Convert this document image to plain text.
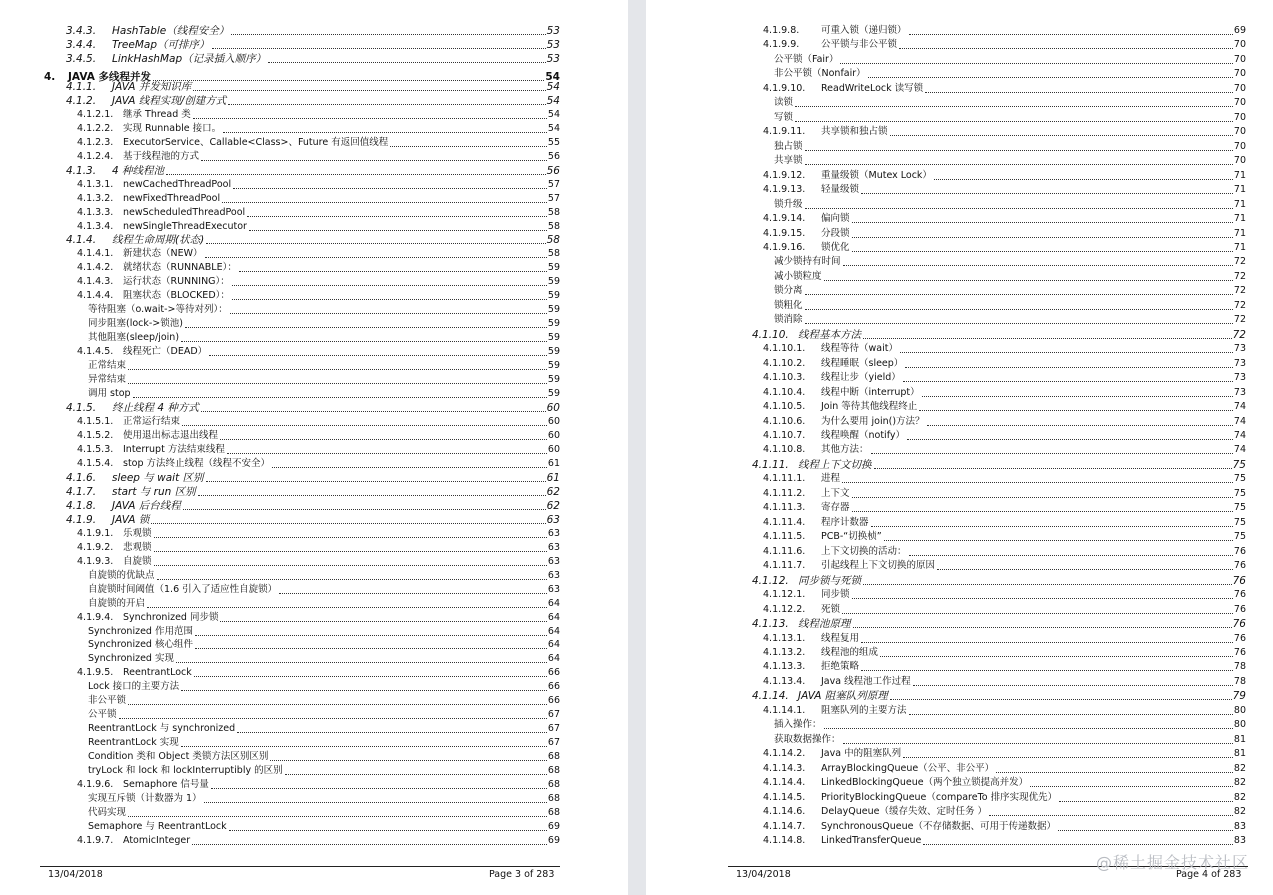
3.4.3.	HashTable（线程安全）	53
3.4.4.	TreeMap（可排序）	53
3.4.5.	LinkHashMap（记录插入顺序）	53
4.	JAVA 多线程并发	54
4.1.1.	JAVA 并发知识库	54
4.1.2.	JAVA 线程实现/创建方式	54
4.1.2.1.	继承 Thread 类	54
4.1.2.2.	实现 Runnable 接口。	54
4.1.2.3.	ExecutorService、Callable<Class>、Future 有返回值线程	55
4.1.2.4.	基于线程池的方式	56
4.1.3.	4 种线程池	56
4.1.3.1.	newCachedThreadPool	57
4.1.3.2.	newFixedThreadPool	57
4.1.3.3.	newScheduledThreadPool	58
4.1.3.4.	newSingleThreadExecutor	58
4.1.4.	线程生命周期(状态)	58
4.1.4.1.	新建状态（NEW）	58
4.1.4.2.	就绪状态（RUNNABLE）：	59
4.1.4.3.	运行状态（RUNNING）：	59
4.1.4.4.	阻塞状态（BLOCKED）：	59
等待阻塞（o.wait->等待对列）：	59
同步阻塞(lock->锁池)	59
其他阻塞(sleep/join)	59
4.1.4.5.	线程死亡（DEAD）	59
正常结束	59
异常结束	59
调用 stop	59
4.1.5.	终止线程 4 种方式	60
4.1.5.1.	正常运行结束	60
4.1.5.2.	使用退出标志退出线程	60
4.1.5.3.	Interrupt 方法结束线程	60
4.1.5.4.	stop 方法终止线程（线程不安全）	61
4.1.6.	sleep 与 wait 区别	61
4.1.7.	start 与 run 区别	62
4.1.8.	JAVA 后台线程	62
4.1.9.	JAVA 锁	63
4.1.9.1.	乐观锁	63
4.1.9.2.	悲观锁	63
4.1.9.3.	自旋锁	63
自旋锁的优缺点	63
自旋锁时间阈值（1.6 引入了适应性自旋锁）	63
自旋锁的开启	64
4.1.9.4.	Synchronized 同步锁	64
Synchronized 作用范围	64
Synchronized 核心组件	64
Synchronized 实现	64
4.1.9.5.	ReentrantLock	66
Lock 接口的主要方法	66
非公平锁	66
公平锁	67
ReentrantLock 与 synchronized	67
ReentrantLock 实现	67
Condition 类和 Object 类锁方法区别区别	68
tryLock 和 lock 和 lockInterruptibly 的区别	68
4.1.9.6.	Semaphore 信号量	68
实现互斥锁（计数器为 1）	68
代码实现	68
Semaphore 与 ReentrantLock	69
4.1.9.7.	AtomicInteger	69
13/04/2018	Page 3 of 283
4.1.9.8.	可重入锁（递归锁）	69
4.1.9.9.	公平锁与非公平锁	70
公平锁（Fair）	70
非公平锁（Nonfair）	70
4.1.9.10.	ReadWriteLock 读写锁	70
读锁	70
写锁	70
4.1.9.11.	共享锁和独占锁	70
独占锁	70
共享锁	70
4.1.9.12.	重量级锁（Mutex Lock）	71
4.1.9.13.	轻量级锁	71
锁升级	71
4.1.9.14.	偏向锁	71
4.1.9.15.	分段锁	71
4.1.9.16.	锁优化	71
减少锁持有时间	72
减小锁粒度	72
锁分离	72
锁粗化	72
锁消除	72
4.1.10. 线程基本方法	72
4.1.10.1.	线程等待（wait）	73
4.1.10.2.	线程睡眠（sleep）	73
4.1.10.3.	线程让步（yield）	73
4.1.10.4.	线程中断（interrupt）	73
4.1.10.5.	Join 等待其他线程终止	74
4.1.10.6.	为什么要用 join()方法？	74
4.1.10.7.	线程唤醒（notify）	74
4.1.10.8.	其他方法：	74
4.1.11. 线程上下文切换	75
4.1.11.1.	进程	75
4.1.11.2.	上下文	75
4.1.11.3.	寄存器	75
4.1.11.4.	程序计数器	75
4.1.11.5.	PCB-“切换桢”	75
4.1.11.6.	上下文切换的活动：	76
4.1.11.7.	引起线程上下文切换的原因	76
4.1.12. 同步锁与死锁	76
4.1.12.1.	同步锁	76
4.1.12.2.	死锁	76
4.1.13. 线程池原理	76
4.1.13.1.	线程复用	76
4.1.13.2.	线程池的组成	76
4.1.13.3.	拒绝策略	78
4.1.13.4.	Java 线程池工作过程	78
4.1.14. JAVA 阻塞队列原理	79
4.1.14.1.	阻塞队列的主要方法	80
插入操作：	80
获取数据操作：	81
4.1.14.2.	Java 中的阻塞队列	81
4.1.14.3.	ArrayBlockingQueue（公平、非公平）	82
4.1.14.4.	LinkedBlockingQueue（两个独立锁提高并发）	82
4.1.14.5.	PriorityBlockingQueue（compareTo 排序实现优先）	82
4.1.14.6.	DelayQueue（缓存失效、定时任务 ）	82
4.1.14.7.	SynchronousQueue（不存储数据、可用于传递数据）	83
4.1.14.8.	LinkedTransferQueue	83
13/04/2018	Page 4 of 283
@稀土掘金技术社区
